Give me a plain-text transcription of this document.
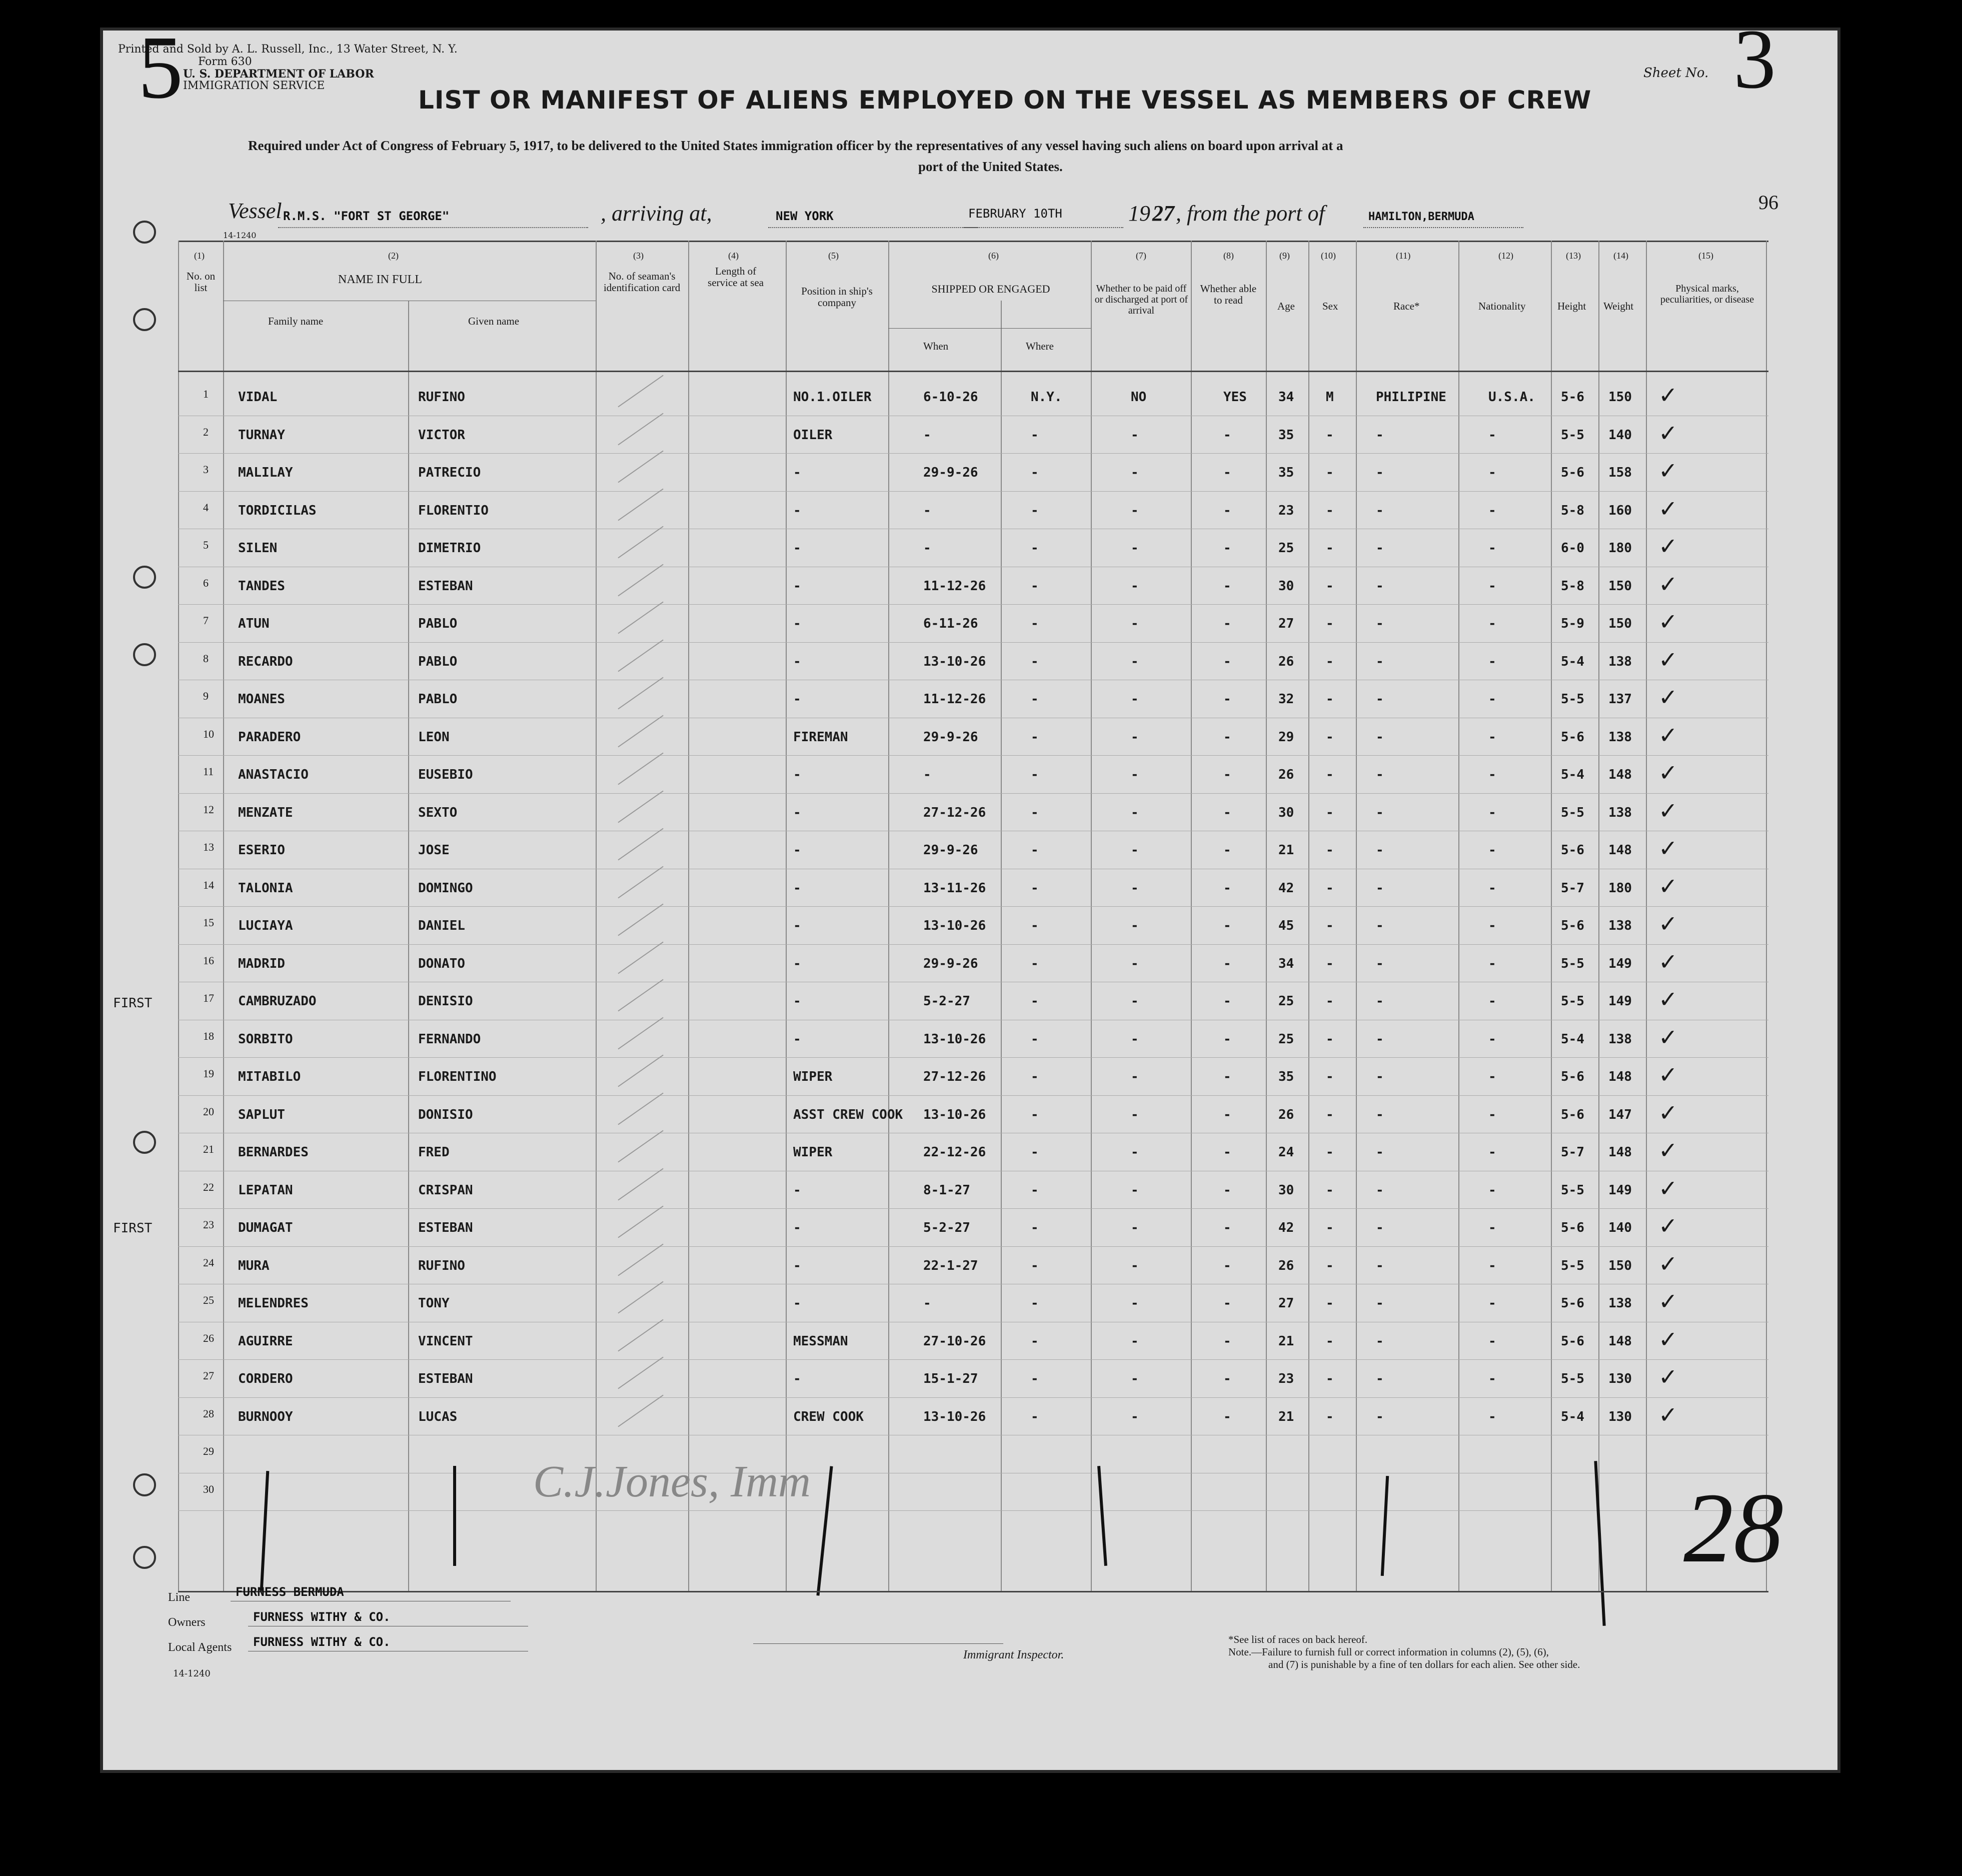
Printed and Sold by A. L. Russell, Inc., 13 Water Street, N. Y.
Form 630
U. S. DEPARTMENT OF LABOR
IMMIGRATION SERVICE
5	Sheet No. 3
LIST OR MANIFEST OF ALIENS EMPLOYED ON THE VESSEL AS MEMBERS OF CREW
Required under Act of Congress of February 5, 1917, to be delivered to the United States immigration officer by the representatives of any vessel having such aliens on board upon arrival at a
port of the United States.
96
Vessel R.M.S. "FORT ST GEORGE"	, arriving at,	NEW YORK	FEBRUARY 10TH	19 27 , from the port of	HAMILTON,BERMUDA
14-1240
(1)
No. on list
(2)
NAME IN FULL
Family name	Given name
(3)
No. of seaman's identification card
(4)
Length of service at sea
(5)
Position in ship's company
(6)
SHIPPED OR ENGAGED
When	Where
(7)
Whether to be paid off or discharged at port of arrival
(8)
Whether able to read
(9)
Age
(10)
Sex
(11)
Race*
(12)
Nationality
(13)
Height
(14)
Weight
(15)
Physical marks, peculiarities, or disease
1 VIDAL	RUFINO	NO.1.OILER	6-10-26	N.Y.	NO	YES 34 M	PHILIPINE	U.S.A. 5-6 150 ✓
2 TURNAY	VICTOR	OILER	-	-	-	-	35 -	-	-	5-5 140 ✓
3 MALILAY	PATRECIO	-	29-9-26	-	-	-	35 -	-	-	5-6 158 ✓
4 TORDICILAS	FLORENTIO	-	-	-	-	-	23 -	-	-	5-8 160 ✓
5 SILEN	DIMETRIO	-	-	-	-	-	25 -	-	-	6-0 180 ✓
6 TANDES	ESTEBAN	-	11-12-26	-	-	-	30 -	-	-	5-8 150 ✓
7 ATUN	PABLO	-	6-11-26	-	-	-	27 -	-	-	5-9 150 ✓
8 RECARDO	PABLO	-	13-10-26	-	-	-	26 -	-	-	5-4 138 ✓
9 MOANES	PABLO	-	11-12-26	-	-	-	32 -	-	-	5-5 137 ✓
10 PARADERO	LEON	FIREMAN	29-9-26	-	-	-	29 -	-	-	5-6 138 ✓
11 ANASTACIO	EUSEBIO	-	-	-	-	-	26 -	-	-	5-4 148 ✓
12 MENZATE	SEXTO	-	27-12-26	-	-	-	30 -	-	-	5-5 138 ✓
13 ESERIO	JOSE	-	29-9-26	-	-	-	21 -	-	-	5-6 148 ✓
14 TALONIA	DOMINGO	-	13-11-26	-	-	-	42 -	-	-	5-7 180 ✓
15 LUCIAYA	DANIEL	-	13-10-26	-	-	-	45 -	-	-	5-6 138 ✓
16 MADRID	DONATO	-	29-9-26	-	-	-	34 -	-	-	5-5 149 ✓
17 CAMBRUZADO	DENISIO	-	5-2-27	-	-	-	25 -	-	-	5-5 149 ✓
18 SORBITO	FERNANDO	-	13-10-26	-	-	-	25 -	-	-	5-4 138 ✓
19 MITABILO	FLORENTINO	WIPER	27-12-26	-	-	-	35 -	-	-	5-6 148 ✓
20 SAPLUT	DONISIO	ASST CREW COOK 13-10-26	-	-	-	26 -	-	-	5-6 147 ✓
21 BERNARDES	FRED	WIPER	22-12-26	-	-	-	24 -	-	-	5-7 148 ✓
22 LEPATAN	CRISPAN	-	8-1-27	-	-	-	30 -	-	-	5-5 149 ✓
23 DUMAGAT	ESTEBAN	-	5-2-27	-	-	-	42 -	-	-	5-6 140 ✓
24 MURA	RUFINO	-	22-1-27	-	-	-	26 -	-	-	5-5 150 ✓
25 MELENDRES	TONY	-	-	-	-	-	27 -	-	-	5-6 138 ✓
26 AGUIRRE	VINCENT	MESSMAN	27-10-26	-	-	-	21 -	-	-	5-6 148 ✓
27 CORDERO	ESTEBAN	-	15-1-27	-	-	-	23 -	-	-	5-5 130 ✓
28 BURNOOY	LUCAS	CREW COOK	13-10-26	-	-	-	21 -	-	-	5-4 130 ✓
29
30
FIRST
FIRST
C.J.Jones, Imm	28
Line	FURNESS BERMUDA
Owners	FURNESS WITHY & CO.
Local Agents FURNESS WITHY & CO.
14-1240
Immigrant Inspector.
*See list of races on back hereof.
Note.—Failure to furnish full or correct information in columns (2), (5), (6),
and (7) is punishable by a fine of ten dollars for each alien. See other side.
